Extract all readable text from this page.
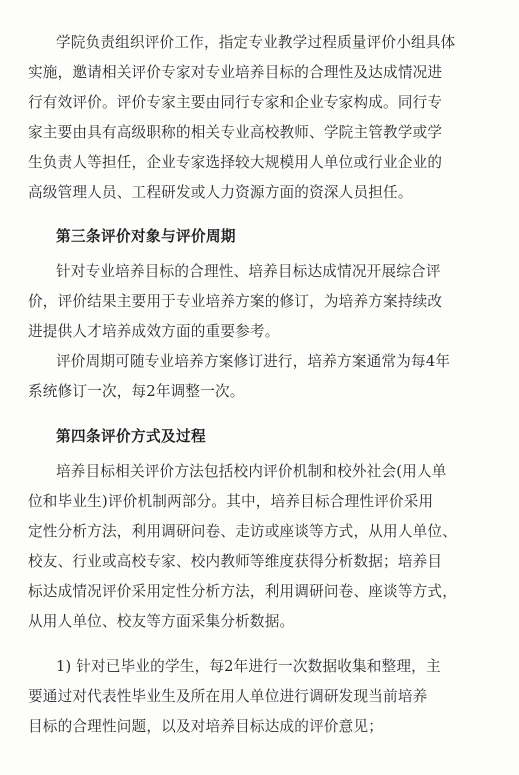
学院负责组织评价工作，指定专业教学过程质量评价小组具体
实施，邀请相关评价专家对专业培养目标的合理性及达成情况进
行有效评价。评价专家主要由同行专家和企业专家构成。同行专
家主要由具有高级职称的相关专业高校教师、学院主管教学或学
生负责人等担任，企业专家选择较大规模用人单位或行业企业的
高级管理人员、工程研发或人力资源方面的资深人员担任。
第三条评价对象与评价周期
针对专业培养目标的合理性、培养目标达成情况开展综合评
价，评价结果主要用于专业培养方案的修订，为培养方案持续改
进提供人才培养成效方面的重要参考。
评价周期可随专业培养方案修订进行，培养方案通常为每4年
系统修订一次，每2年调整一次。
第四条评价方式及过程
培养目标相关评价方法包括校内评价机制和校外社会(用人单
位和毕业生)评价机制两部分。其中，培养目标合理性评价采用
定性分析方法，利用调研问卷、走访或座谈等方式，从用人单位、
校友、行业或高校专家、校内教师等维度获得分析数据；培养目
标达成情况评价采用定性分析方法，利用调研问卷、座谈等方式，
从用人单位、校友等方面采集分析数据。
1) 针对已毕业的学生，每2年进行一次数据收集和整理，主
要通过对代表性毕业生及所在用人单位进行调研发现当前培养
目标的合理性问题，以及对培养目标达成的评价意见；
